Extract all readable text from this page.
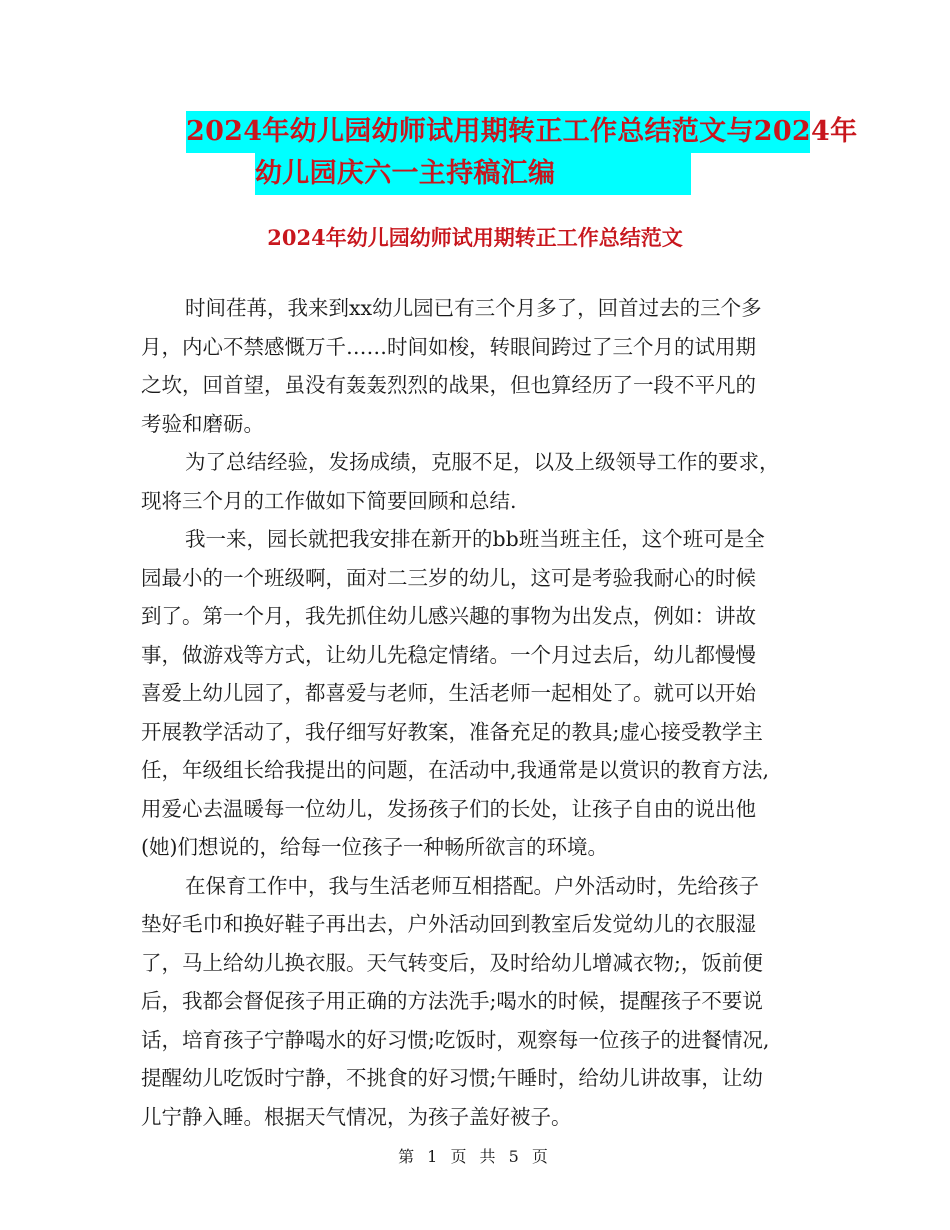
2024年幼儿园幼师试用期转正工作总结范文与2024年
幼儿园庆六一主持稿汇编
2024年幼儿园幼师试用期转正工作总结范文
时间荏苒，我来到xx幼儿园已有三个月多了，回首过去的三个多
月，内心不禁感慨万千……时间如梭，转眼间跨过了三个月的试用期
之坎，回首望，虽没有轰轰烈烈的战果，但也算经历了一段不平凡的
考验和磨砺。
为了总结经验，发扬成绩，克服不足，以及上级领导工作的要求，
现将三个月的工作做如下简要回顾和总结.
我一来，园长就把我安排在新开的bb班当班主任，这个班可是全
园最小的一个班级啊，面对二三岁的幼儿，这可是考验我耐心的时候
到了。第一个月，我先抓住幼儿感兴趣的事物为出发点，例如：讲故
事，做游戏等方式，让幼儿先稳定情绪。一个月过去后，幼儿都慢慢
喜爱上幼儿园了，都喜爱与老师，生活老师一起相处了。就可以开始
开展教学活动了，我仔细写好教案，准备充足的教具;虚心接受教学主
任，年级组长给我提出的问题，在活动中,我通常是以赏识的教育方法,
用爱心去温暖每一位幼儿，发扬孩子们的长处，让孩子自由的说出他
(她)们想说的，给每一位孩子一种畅所欲言的环境。
在保育工作中，我与生活老师互相搭配。户外活动时，先给孩子
垫好毛巾和换好鞋子再出去，户外活动回到教室后发觉幼儿的衣服湿
了，马上给幼儿换衣服。天气转变后，及时给幼儿增减衣物;，饭前便
后，我都会督促孩子用正确的方法洗手;喝水的时候，提醒孩子不要说
话，培育孩子宁静喝水的好习惯;吃饭时，观察每一位孩子的进餐情况,
提醒幼儿吃饭时宁静，不挑食的好习惯;午睡时，给幼儿讲故事，让幼
儿宁静入睡。根据天气情况，为孩子盖好被子。
第 1 页 共 5 页
